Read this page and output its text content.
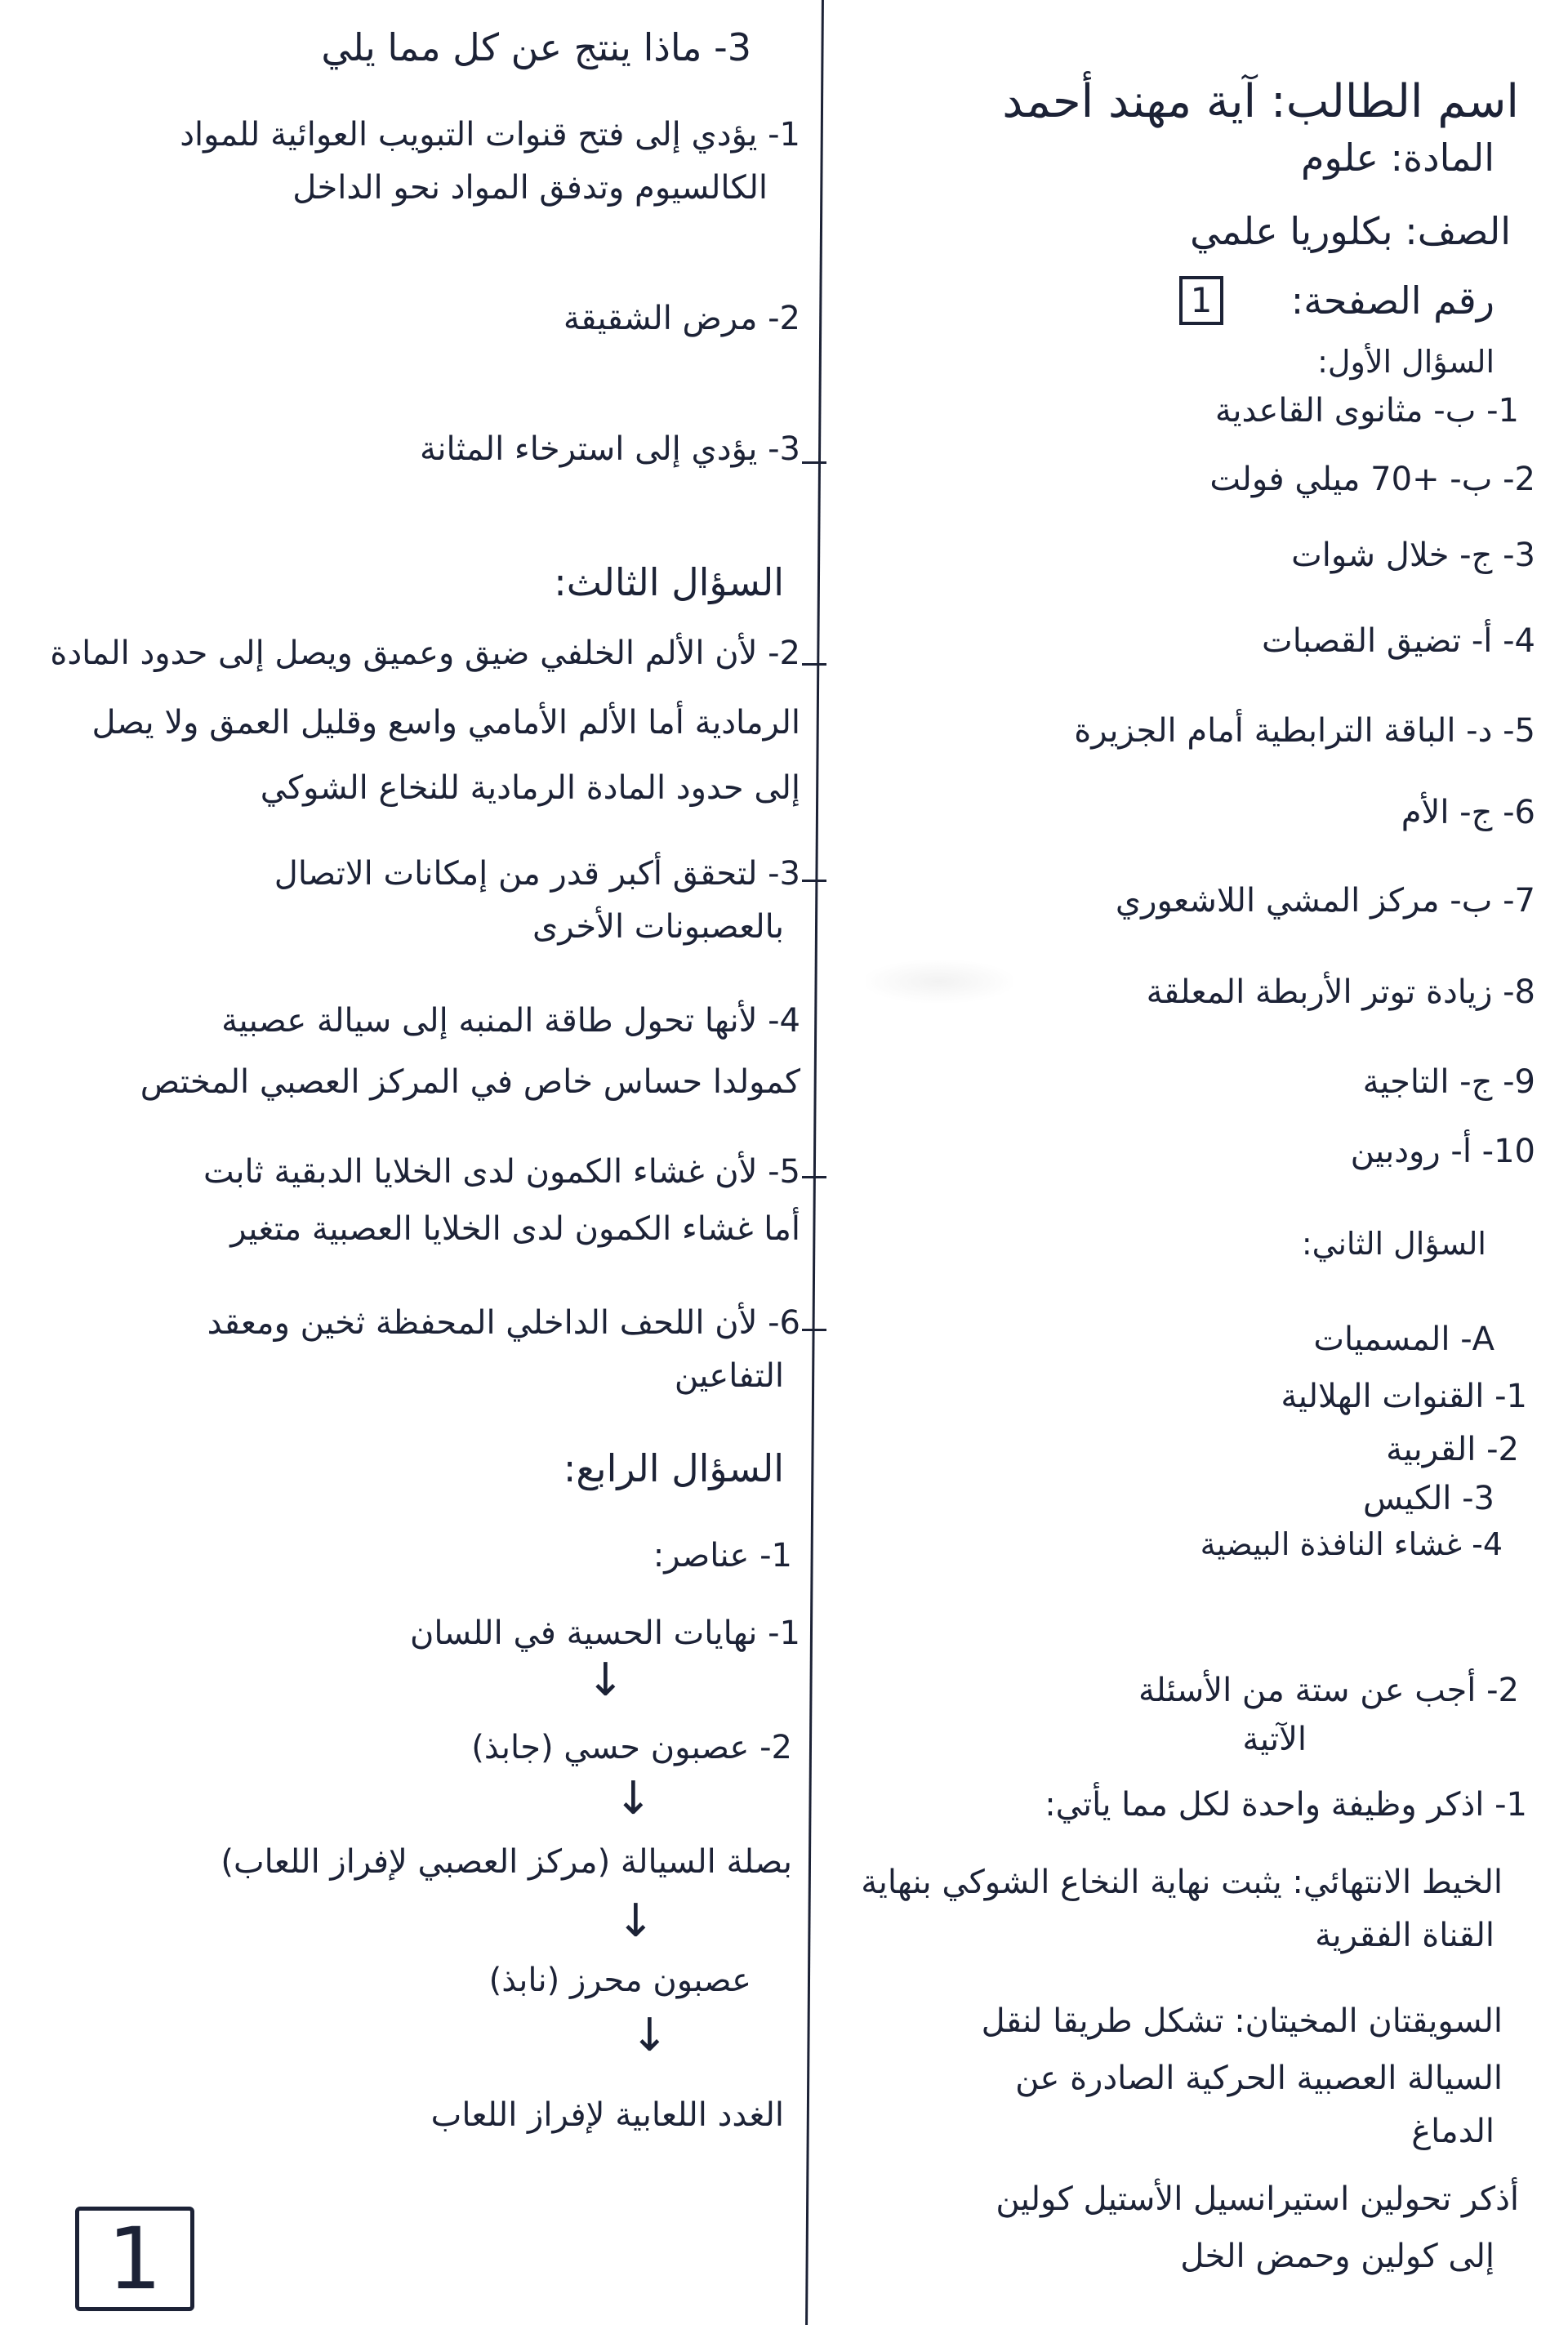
اسم الطالب: آية مهند أحمد
المادة: علوم
الصف: بكلوريا علمي
رقم الصفحة:
1
السؤال الأول:
1- ب- مثانوى القاعدية
2- ب- +70 ميلي فولت
3- ج- خلال شوات
4- أ- تضيق القصبات
5- د- الباقة الترابطية أمام الجزيرة
6- ج- الأم
7- ب- مركز المشي اللاشعوري
8- زيادة توتر الأربطة المعلقة
9- ج- التاجية
10- أ- رودبين
السؤال الثاني:
A- المسميات
1- القنوات الهلالية
2- القربية
3- الكيس
4- غشاء النافذة البيضية
2- أجب عن ستة من الأسئلة
الآتية
1- اذكر وظيفة واحدة لكل مما يأتي:
الخيط الانتهائي: يثبت نهاية النخاع الشوكي بنهاية
القناة الفقرية
السويقتان المخيتان: تشكل طريقا لنقل
السيالة العصبية الحركية الصادرة عن
الدماغ
أذكر تحولين استيرانسيل الأستيل كولين
إلى كولين وحمض الخل
3- ماذا ينتج عن كل مما يلي
1- يؤدي إلى فتح قنوات التبويب العوائية للمواد
الكالسيوم وتدفق المواد نحو الداخل
2- مرض الشقيقة
3- يؤدي إلى استرخاء المثانة
السؤال الثالث:
2- لأن الألم الخلفي ضيق وعميق ويصل إلى حدود المادة
الرمادية أما الألم الأمامي واسع وقليل العمق ولا يصل
إلى حدود المادة الرمادية للنخاع الشوكي
3- لتحقق أكبر قدر من إمكانات الاتصال
بالعصبونات الأخرى
4- لأنها تحول طاقة المنبه إلى سيالة عصبية
كمولدا حساس خاص في المركز العصبي المختص
5- لأن غشاء الكمون لدى الخلايا الدبقية ثابت
أما غشاء الكمون لدى الخلايا العصبية متغير
6- لأن اللحف الداخلي المحفظة ثخين ومعقد
التفاعين
السؤال الرابع:
1- عناصر:
1- نهايات الحسية في اللسان
↓
2- عصبون حسي (جابذ)
↓
بصلة السيالة (مركز العصبي لإفراز اللعاب)
↓
عصبون محرز (نابذ)
↓
الغدد اللعابية لإفراز اللعاب
1
